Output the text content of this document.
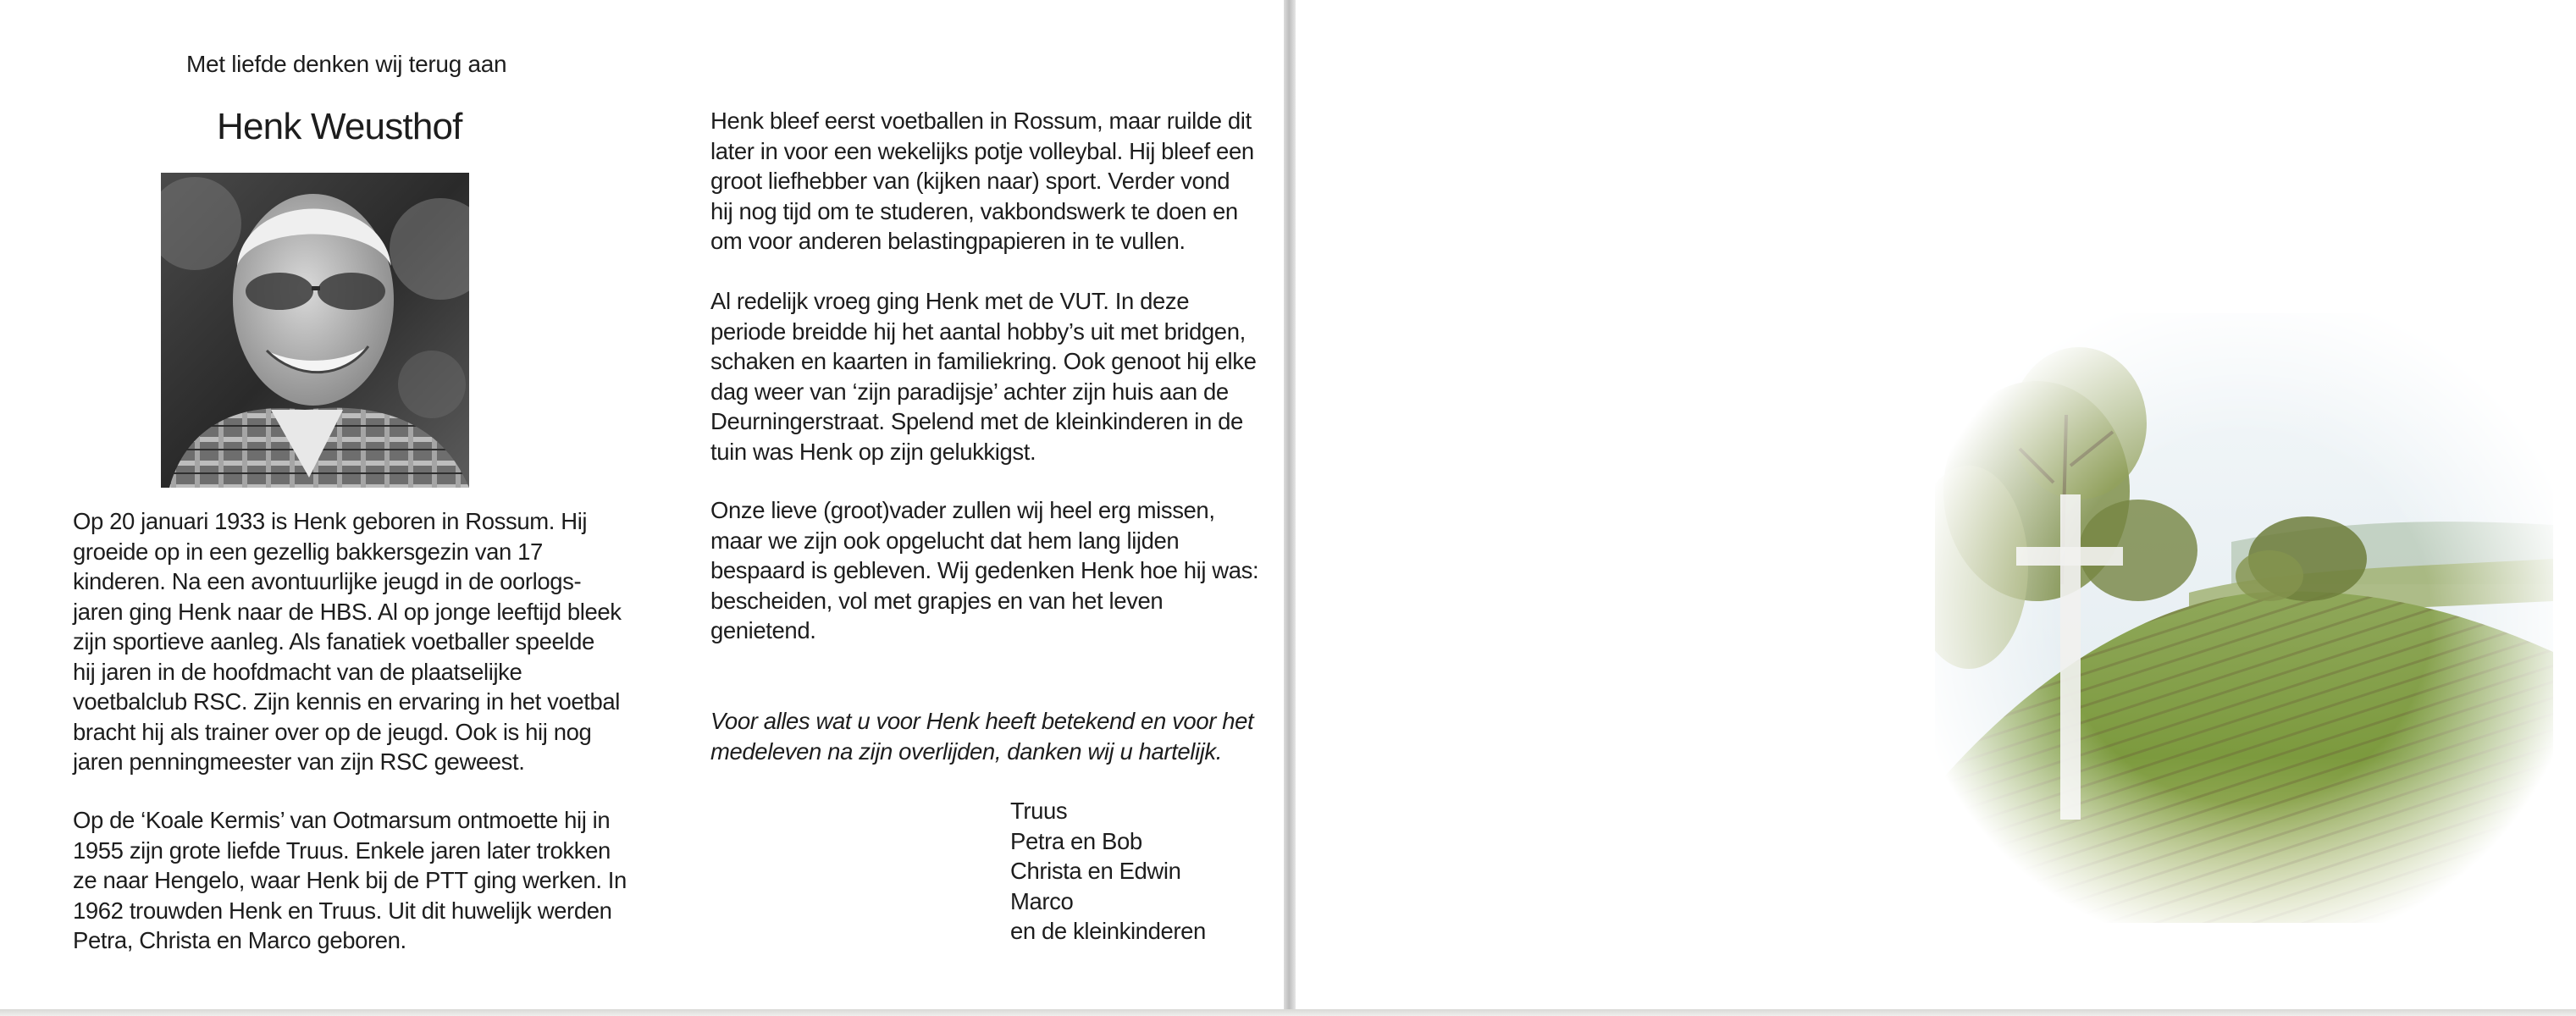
Met liefde denken wij terug aan
Henk Weusthof
Op 20 januari 1933 is Henk geboren in Rossum. Hij
groeide op in een gezellig bakkersgezin van 17
kinderen. Na een avontuurlijke jeugd in de oorlogs-
jaren ging Henk naar de HBS. Al op jonge leeftijd bleek
zijn sportieve aanleg. Als fanatiek voetballer speelde
hij jaren in de hoofdmacht van de plaatselijke
voetbalclub RSC. Zijn kennis en ervaring in het voetbal
bracht hij als trainer over op de jeugd. Ook is hij nog
jaren penningmeester van zijn RSC geweest.
Op de ‘Koale Kermis’ van Ootmarsum ontmoette hij in
1955 zijn grote liefde Truus. Enkele jaren later trokken
ze naar Hengelo, waar Henk bij de PTT ging werken. In
1962 trouwden Henk en Truus. Uit dit huwelijk werden
Petra, Christa en Marco geboren.
Henk bleef eerst voetballen in Rossum, maar ruilde dit
later in voor een wekelijks potje volleybal. Hij bleef een
groot liefhebber van (kijken naar) sport. Verder vond
hij nog tijd om te studeren, vakbondswerk te doen en
om voor anderen belastingpapieren in te vullen.
Al redelijk vroeg ging Henk met de VUT. In deze
periode breidde hij het aantal hobby’s uit met bridgen,
schaken en kaarten in familiekring. Ook genoot hij elke
dag weer van ‘zijn paradijsje’ achter zijn huis aan de
Deurningerstraat. Spelend met de kleinkinderen in de
tuin was Henk op zijn gelukkigst.
Onze lieve (groot)vader zullen wij heel erg missen,
maar we zijn ook opgelucht dat hem lang lijden
bespaard is gebleven. Wij gedenken Henk hoe hij was:
bescheiden, vol met grapjes en van het leven
genietend.
Voor alles wat u voor Henk heeft betekend en voor het
medeleven na zijn overlijden, danken wij u hartelijk.
Truus
Petra en Bob
Christa en Edwin
Marco
en de kleinkinderen
